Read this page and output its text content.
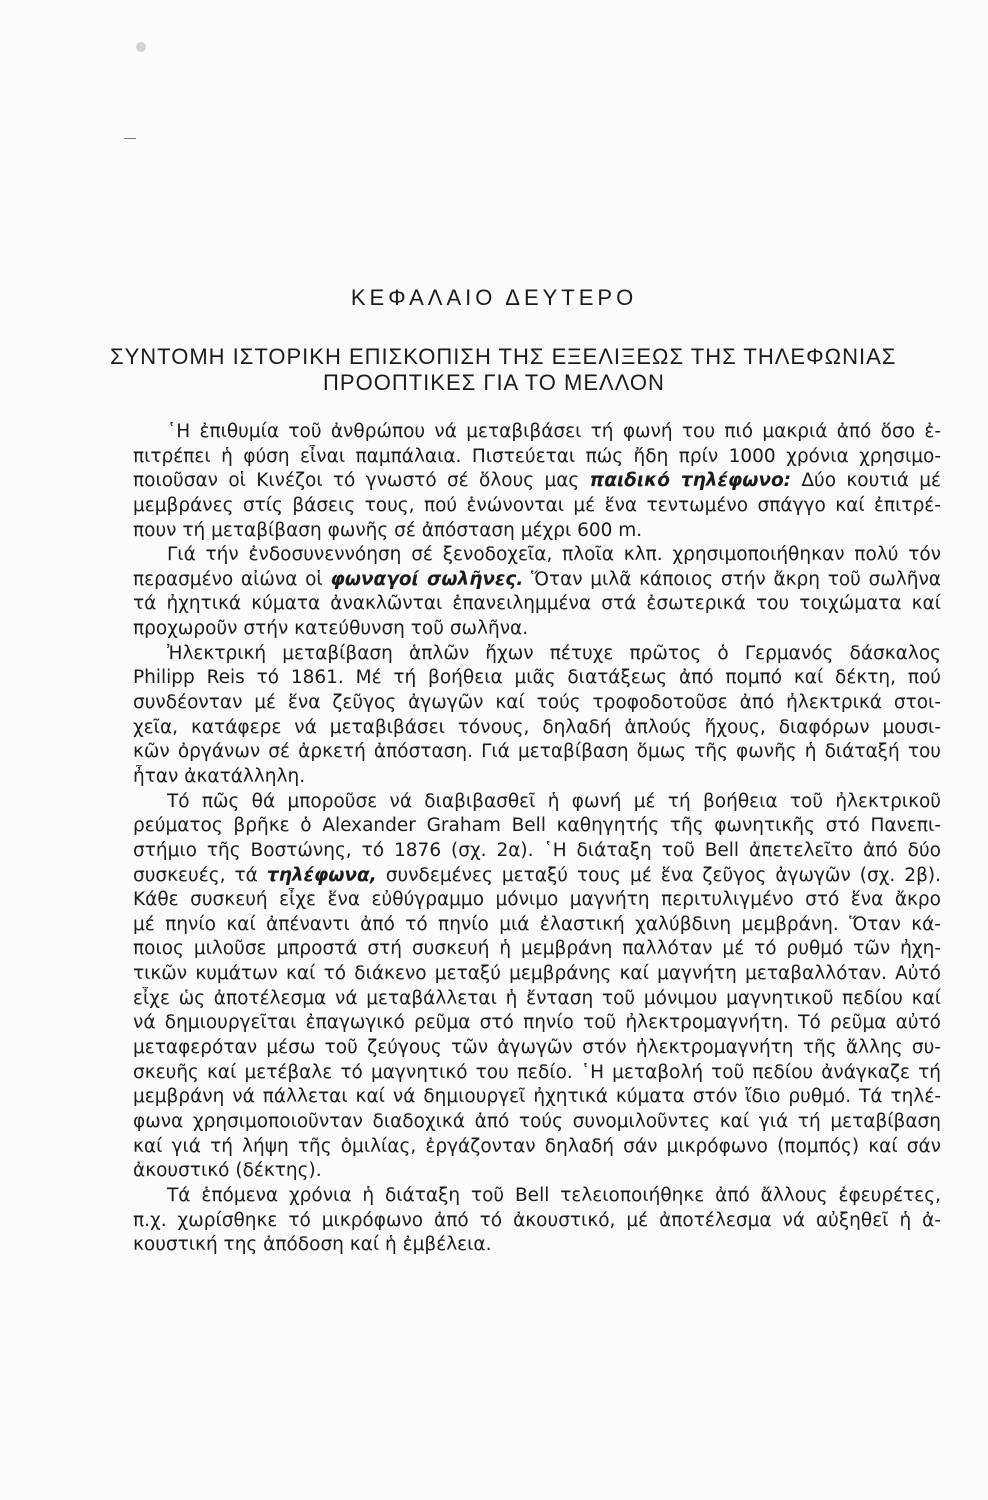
ΚΕΦΑΛΑΙΟ ΔΕΥΤΕΡΟ
ΣΥΝΤΟΜΗ ΙΣΤΟΡΙΚΗ ΕΠΙΣΚΟΠΙΣΗ ΤΗΣ ΕΞΕΛΙΞΕΩΣ ΤΗΣ ΤΗΛΕΦΩΝΙΑΣ
ΠΡΟΟΠΤΙΚΕΣ ΓΙΑ ΤΟ ΜΕΛΛΟΝ
῾Η ἐπιθυμία τοῦ ἀνθρώπου νά μεταβιβάσει τή φωνή του πιό μακριά ἀπό ὅσο ἐ-
πιτρέπει ἡ φύση εἶναι παμπάλαια. Πιστεύεται πώς ἤδη πρίν 1000 χρόνια χρησιμο-
ποιοῦσαν οἱ Κινέζοι τό γνωστό σέ ὅλους μας παιδικό τηλέφωνο: Δύο κουτιά μέ
μεμβράνες στίς βάσεις τους, πού ἑνώνονται μέ ἕνα τεντωμένο σπάγγο καί ἐπιτρέ-
πουν τή μεταβίβαση φωνῆς σέ ἀπόσταση μέχρι 600 m.
Γιά τήν ἐνδοσυνεννόηση σέ ξενοδοχεῖα, πλοῖα κλπ. χρησιμοποιήθηκαν πολύ τόν
περασμένο αἰώνα οἱ φωναγοί σωλῆνες. Ὅταν μιλᾶ κάποιος στήν ἄκρη τοῦ σωλῆνα
τά ἠχητικά κύματα ἀνακλῶνται ἐπανειλημμένα στά ἐσωτερικά του τοιχώματα καί
προχωροῦν στήν κατεύθυνση τοῦ σωλῆνα.
Ἠλεκτρική μεταβίβαση ἁπλῶν ἤχων πέτυχε πρῶτος ὁ Γερμανός δάσκαλος
Philipp Reis τό 1861. Μέ τή βοήθεια μιᾶς διατάξεως ἀπό πομπό καί δέκτη, πού
συνδέονταν μέ ἕνα ζεῦγος ἀγωγῶν καί τούς τροφοδοτοῦσε ἀπό ἠλεκτρικά στοι-
χεῖα, κατάφερε νά μεταβιβάσει τόνους, δηλαδή ἁπλούς ἤχους, διαφόρων μουσι-
κῶν ὀργάνων σέ ἀρκετή ἀπόσταση. Γιά μεταβίβαση ὅμως τῆς φωνῆς ἡ διάταξή του
ἦταν ἀκατάλληλη.
Τό πῶς θά μποροῦσε νά διαβιβασθεῖ ἡ φωνή μέ τή βοήθεια τοῦ ἠλεκτρικοῦ
ρεύματος βρῆκε ὁ Alexander Graham Bell καθηγητής τῆς φωνητικῆς στό Πανεπι-
στήμιο τῆς Βοστώνης, τό 1876 (σχ. 2α). ῾Η διάταξη τοῦ Bell ἀπετελεῖτο ἀπό δύο
συσκευές, τά τηλέφωνα, συνδεμένες μεταξύ τους μέ ἕνα ζεῦγος ἀγωγῶν (σχ. 2β).
Κάθε συσκευή εἶχε ἕνα εὐθύγραμμο μόνιμο μαγνήτη περιτυλιγμένο στό ἕνα ἄκρο
μέ πηνίο καί ἀπέναντι ἀπό τό πηνίο μιά ἐλαστική χαλύβδινη μεμβράνη. Ὅταν κά-
ποιος μιλοῦσε μπροστά στή συσκευή ἡ μεμβράνη παλλόταν μέ τό ρυθμό τῶν ἠχη-
τικῶν κυμάτων καί τό διάκενο μεταξύ μεμβράνης καί μαγνήτη μεταβαλλόταν. Αὐτό
εἶχε ὡς ἀποτέλεσμα νά μεταβάλλεται ἡ ἔνταση τοῦ μόνιμου μαγνητικοῦ πεδίου καί
νά δημιουργεῖται ἐπαγωγικό ρεῦμα στό πηνίο τοῦ ἠλεκτρομαγνήτη. Τό ρεῦμα αὐτό
μεταφερόταν μέσω τοῦ ζεύγους τῶν ἀγωγῶν στόν ἠλεκτρομαγνήτη τῆς ἄλλης συ-
σκευῆς καί μετέβαλε τό μαγνητικό του πεδίο. ῾Η μεταβολή τοῦ πεδίου ἀνάγκαζε τή
μεμβράνη νά πάλλεται καί νά δημιουργεῖ ἠχητικά κύματα στόν ἴδιο ρυθμό. Τά τηλέ-
φωνα χρησιμοποιοῦνταν διαδοχικά ἀπό τούς συνομιλοῦντες καί γιά τή μεταβίβαση
καί γιά τή λήψη τῆς ὁμιλίας, ἐργάζονταν δηλαδή σάν μικρόφωνο (πομπός) καί σάν
ἀκουστικό (δέκτης).
Τά ἑπόμενα χρόνια ἡ διάταξη τοῦ Bell τελειοποιήθηκε ἀπό ἄλλους ἐφευρέτες,
π.χ. χωρίσθηκε τό μικρόφωνο ἀπό τό ἀκουστικό, μέ ἀποτέλεσμα νά αὐξηθεῖ ἡ ἀ-
κουστική της ἀπόδοση καί ἡ ἐμβέλεια.
